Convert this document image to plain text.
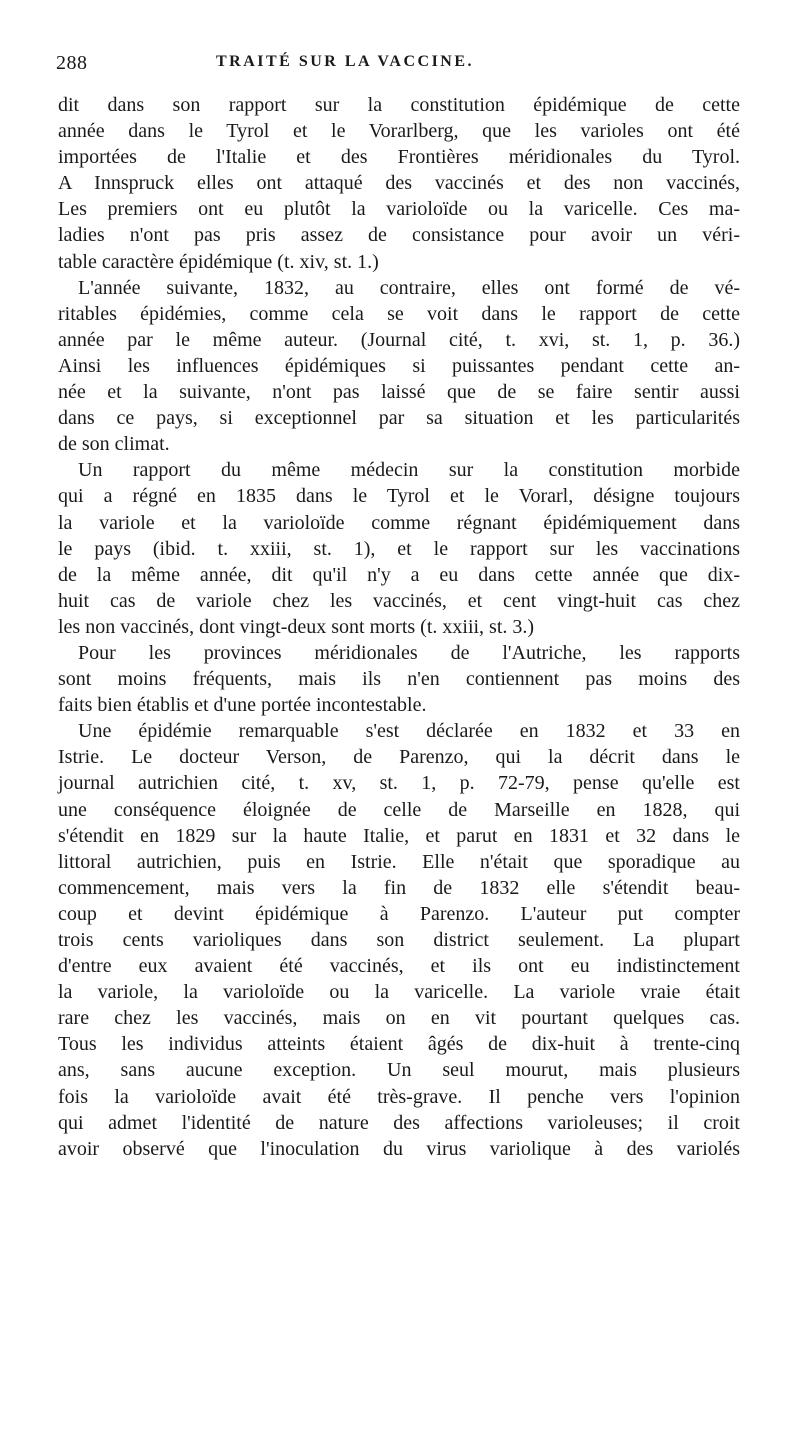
288	TRAITÉ SUR LA VACCINE.
dit dans son rapport sur la constitution épidémique de cette
année dans le Tyrol et le Vorarlberg, que les varioles ont été
importées de l'Italie et des Frontières méridionales du Tyrol.
A Innspruck elles ont attaqué des vaccinés et des non vaccinés,
Les premiers ont eu plutôt la varioloïde ou la varicelle. Ces ma-
ladies n'ont pas pris assez de consistance pour avoir un véri-
table caractère épidémique (t. xiv, st. 1.)
L'année suivante, 1832, au contraire, elles ont formé de vé-
ritables épidémies, comme cela se voit dans le rapport de cette
année par le même auteur. (Journal cité, t. xvi, st. 1, p. 36.)
Ainsi les influences épidémiques si puissantes pendant cette an-
née et la suivante, n'ont pas laissé que de se faire sentir aussi
dans ce pays, si exceptionnel par sa situation et les particularités
de son climat.
Un rapport du même médecin sur la constitution morbide
qui a régné en 1835 dans le Tyrol et le Vorarl, désigne toujours
la variole et la varioloïde comme régnant épidémiquement dans
le pays (ibid. t. xxiii, st. 1), et le rapport sur les vaccinations
de la même année, dit qu'il n'y a eu dans cette année que dix-
huit cas de variole chez les vaccinés, et cent vingt-huit cas chez
les non vaccinés, dont vingt-deux sont morts (t. xxiii, st. 3.)
Pour les provinces méridionales de l'Autriche, les rapports
sont moins fréquents, mais ils n'en contiennent pas moins des
faits bien établis et d'une portée incontestable.
Une épidémie remarquable s'est déclarée en 1832 et 33 en
Istrie. Le docteur Verson, de Parenzo, qui la décrit dans le
journal autrichien cité, t. xv, st. 1, p. 72-79, pense qu'elle est
une conséquence éloignée de celle de Marseille en 1828, qui
s'étendit en 1829 sur la haute Italie, et parut en 1831 et 32 dans le
littoral autrichien, puis en Istrie. Elle n'était que sporadique au
commencement, mais vers la fin de 1832 elle s'étendit beau-
coup et devint épidémique à Parenzo. L'auteur put compter
trois cents varioliques dans son district seulement. La plupart
d'entre eux avaient été vaccinés, et ils ont eu indistinctement
la variole, la varioloïde ou la varicelle. La variole vraie était
rare chez les vaccinés, mais on en vit pourtant quelques cas.
Tous les individus atteints étaient âgés de dix-huit à trente-cinq
ans, sans aucune exception. Un seul mourut, mais plusieurs
fois la varioloïde avait été très-grave. Il penche vers l'opinion
qui admet l'identité de nature des affections varioleuses; il croit
avoir observé que l'inoculation du virus variolique à des variolés
